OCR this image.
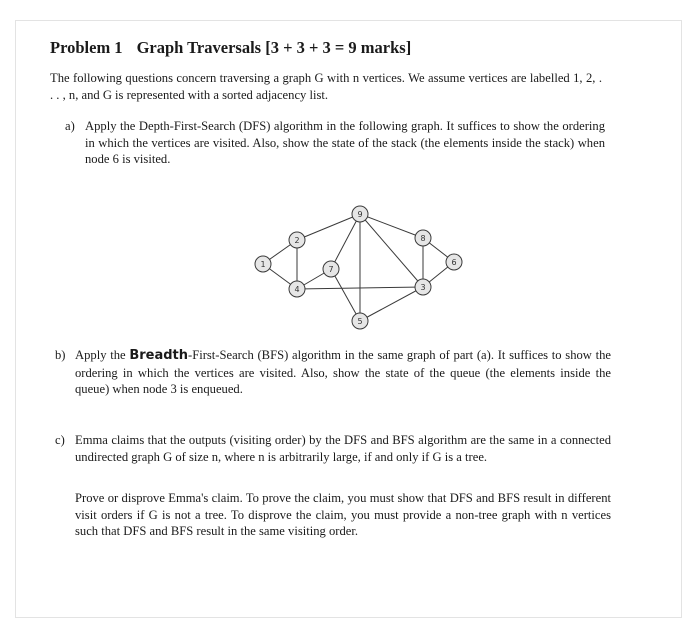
Problem 1 Graph Traversals [3 + 3 + 3 = 9 marks]
The following questions concern traversing a graph G with n vertices. We assume vertices are labelled 1, 2, . . . , n, and G is represented with a sorted adjacency list.
a) Apply the Depth-First-Search (DFS) algorithm in the following graph. It suffices to show the ordering in which the vertices are visited. Also, show the state of the stack (the elements inside the stack) when node 6 is visited.
1
2
4
7
9
5
8
3
6
b) Apply the Breadth-First-Search (BFS) algorithm in the same graph of part (a). It suffices to show the ordering in which the vertices are visited. Also, show the state of the queue (the elements inside the queue) when node 3 is enqueued.
c) Emma claims that the outputs (visiting order) by the DFS and BFS algorithm are the same in a connected undirected graph G of size n, where n is arbitrarily large, if and only if G is a tree.
Prove or disprove Emma's claim. To prove the claim, you must show that DFS and BFS result in different visit orders if G is not a tree. To disprove the claim, you must provide a non-tree graph with n vertices such that DFS and BFS result in the same visiting order.
